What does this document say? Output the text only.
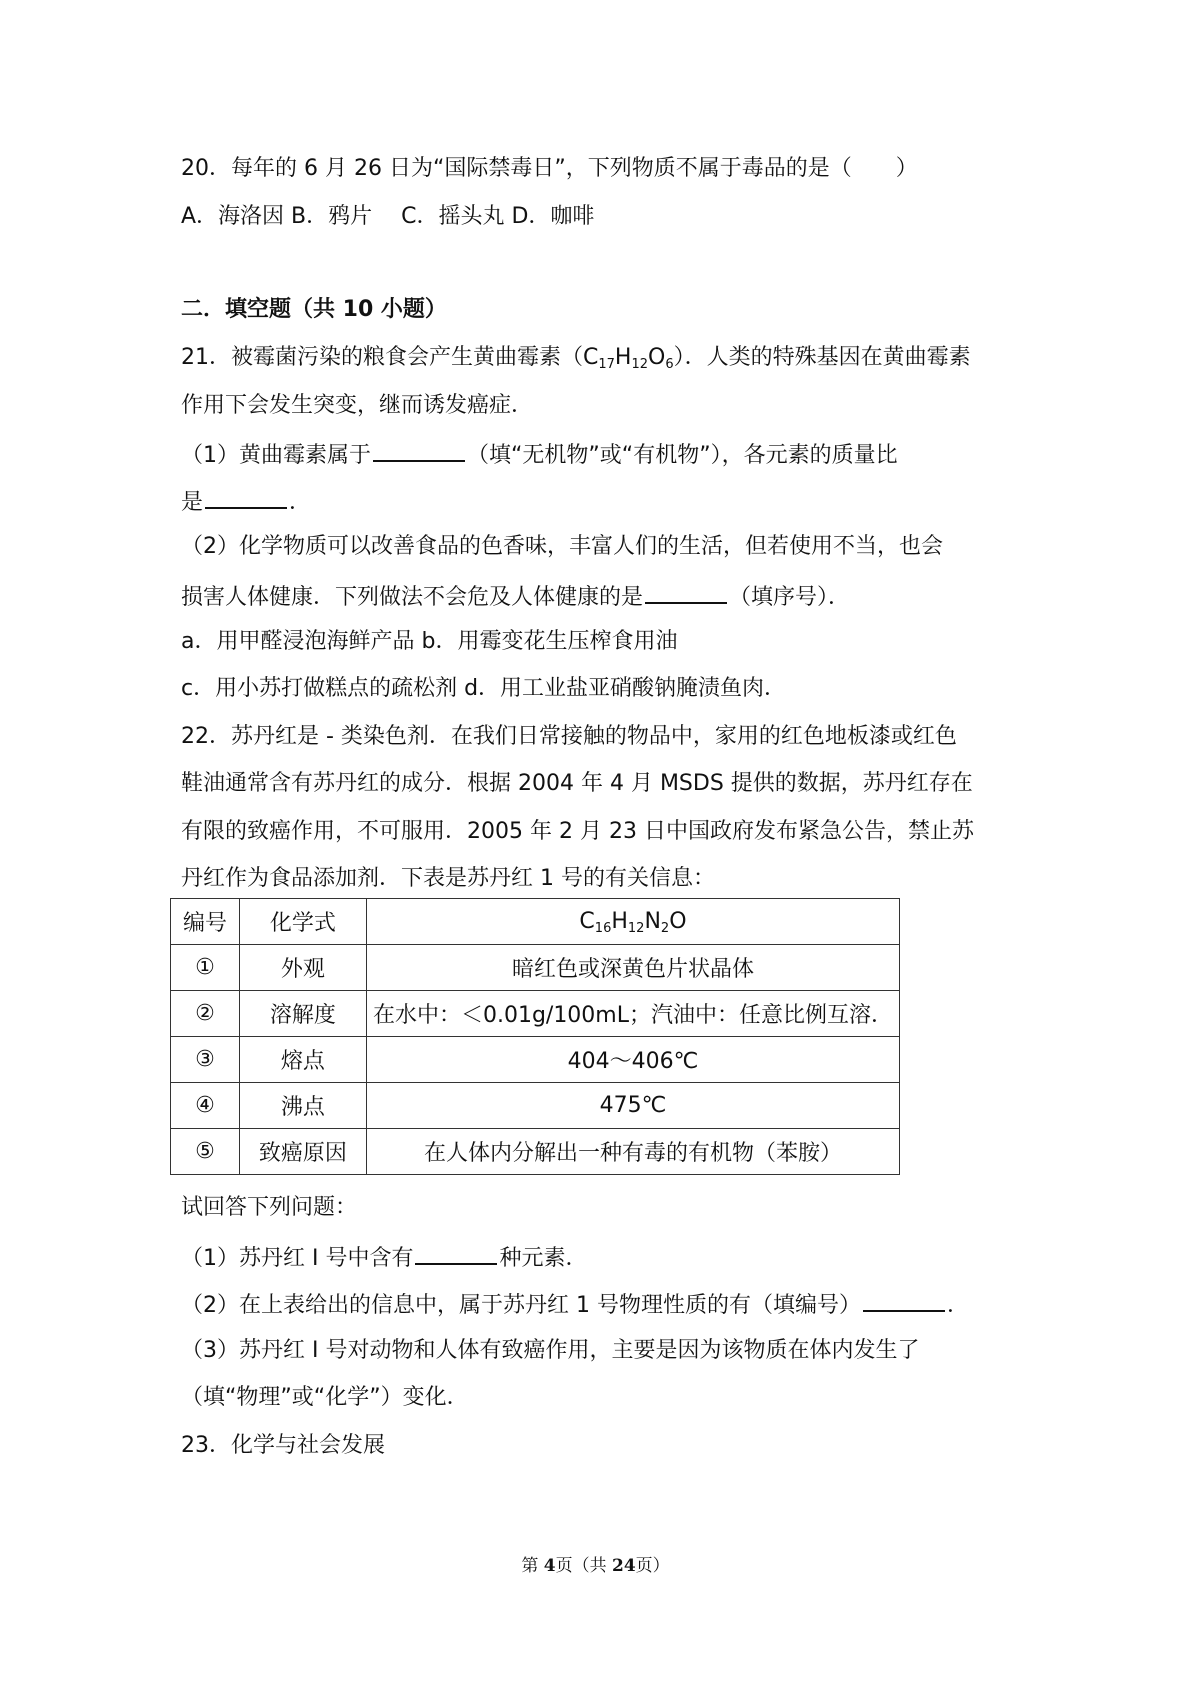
20．每年的 6 月 26 日为“国际禁毒日”，下列物质不属于毒品的是（　　）
A．海洛因 B．鸦片　 C．摇头丸 D．咖啡
二．填空题（共 10 小题）
21．被霉菌污染的粮食会产生黄曲霉素$(C_{17}H_{12}O_6)$．人类的特殊基因在黄曲霉素
作用下会发生突变，继而诱发癌症．
（1）黄曲霉素属于	（填“无机物”或“有机物”），各元素的质量比
是	．
（2）化学物质可以改善食品的色香味，丰富人们的生活，但若使用不当，也会
损害人体健康．下列做法不会危及人体健康的是	（填序号）．
a．用甲醛浸泡海鲜产品 b．用霉变花生压榨食用油
c．用小苏打做糕点的疏松剂 d．用工业盐亚硝酸钠腌渍鱼肉．
22．苏丹红是 - 类染色剂．在我们日常接触的物品中，家用的红色地板漆或红色
鞋油通常含有苏丹红的成分．根据 2004 年 4 月 MSDS 提供的数据，苏丹红存在
有限的致癌作用，不可服用．2005 年 2 月 23 日中国政府发布紧急公告，禁止苏
丹红作为食品添加剂．下表是苏丹红 1 号的有关信息：
编号	化学式	$C_{16}H_{12}N_2O$
①	外观	暗红色或深黄色片状晶体
②	溶解度	在水中：＜0.01g/100mL；汽油中：任意比例互溶．
③	熔点	404～406℃
④	沸点	475℃
⑤	致癌原因	在人体内分解出一种有毒的有机物（苯胺）
试回答下列问题：
（1）苏丹红 I 号中含有	种元素．
（2）在上表给出的信息中，属于苏丹红 1 号物理性质的有（填编号）	．
（3）苏丹红 I 号对动物和人体有致癌作用，主要是因为该物质在体内发生了
（填“物理”或“化学”）变化．
23．化学与社会发展
第 4页（共 24页）
